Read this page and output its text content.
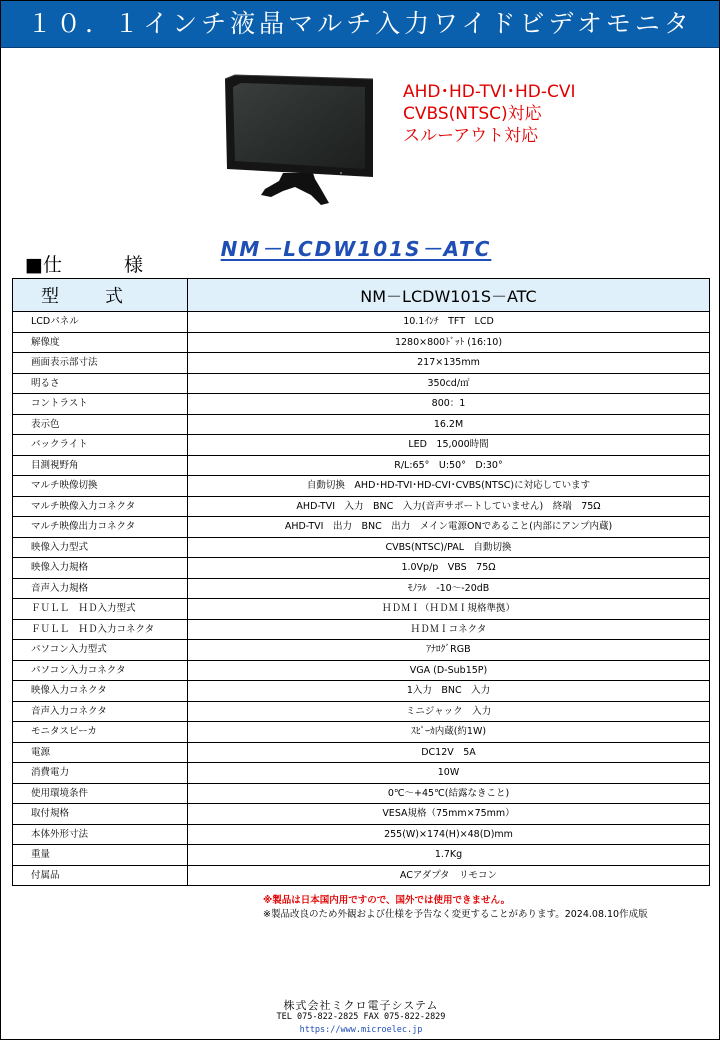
１０．１インチ液晶マルチ入力ワイドビデオモニタ
AHD･HD-TVI･HD-CVI
CVBS(NTSC)対応
スルーアウト対応
NM－LCDW101S－ATC
■仕	様
型 式	NM－LCDW101S－ATC
LCDパネル	10.1ｲﾝﾁ　TFT　LCD
解像度	1280×800ﾄﾞｯﾄ (16:10)
画面表示部寸法	217×135mm
明るさ	350cd/㎡
コントラスト	800：1
表示色	16.2M
バックライト	LED　15,000時間
目測視野角	R/L:65°　U:50°　D:30°
マルチ映像切換	自動切換　AHD･HD-TVI･HD-CVI･CVBS(NTSC)に対応しています
マルチ映像入力コネクタ	AHD-TVI　入力　BNC　入力(音声サポートしていません)　終端　75Ω
マルチ映像出力コネクタ	AHD-TVI　出力　BNC　出力　メイン電源ONであること(内部にアンプ内蔵)
映像入力型式	CVBS(NTSC)/PAL　自動切換
映像入力規格	1.0Vp/p　VBS　75Ω
音声入力規格	ﾓﾉﾗﾙ　-10～-20dB
ＦＵＬＬ　ＨＤ入力型式	ＨＤＭＩ（ＨＤＭＩ規格準拠）
ＦＵＬＬ　ＨＤ入力コネクタ	ＨＤＭＩコネクタ
パソコン入力型式	ｱﾅﾛｸﾞRGB
パソコン入力コネクタ	VGA (D-Sub15P)
映像入力コネクタ	1入力　BNC　入力
音声入力コネクタ	ミニジャック　入力
モニタスピーカ	ｽﾋﾟｰｶ内蔵(約1W)
電源	DC12V　5A
消費電力	10W
使用環境条件	0℃～+45℃(結露なきこと)
取付規格	VESA規格（75mm×75mm）
本体外形寸法	255(W)×174(H)×48(D)mm
重量	1.7Kg
付属品	ACアダプタ　リモコン
※製品は日本国内用ですので、国外では使用できません。
※製品改良のため外観および仕様を予告なく変更することがあります。2024.08.10作成版
株式会社ミクロ電子システム
TEL 075-822-2825 FAX 075-822-2829
https://www.microelec.jp
